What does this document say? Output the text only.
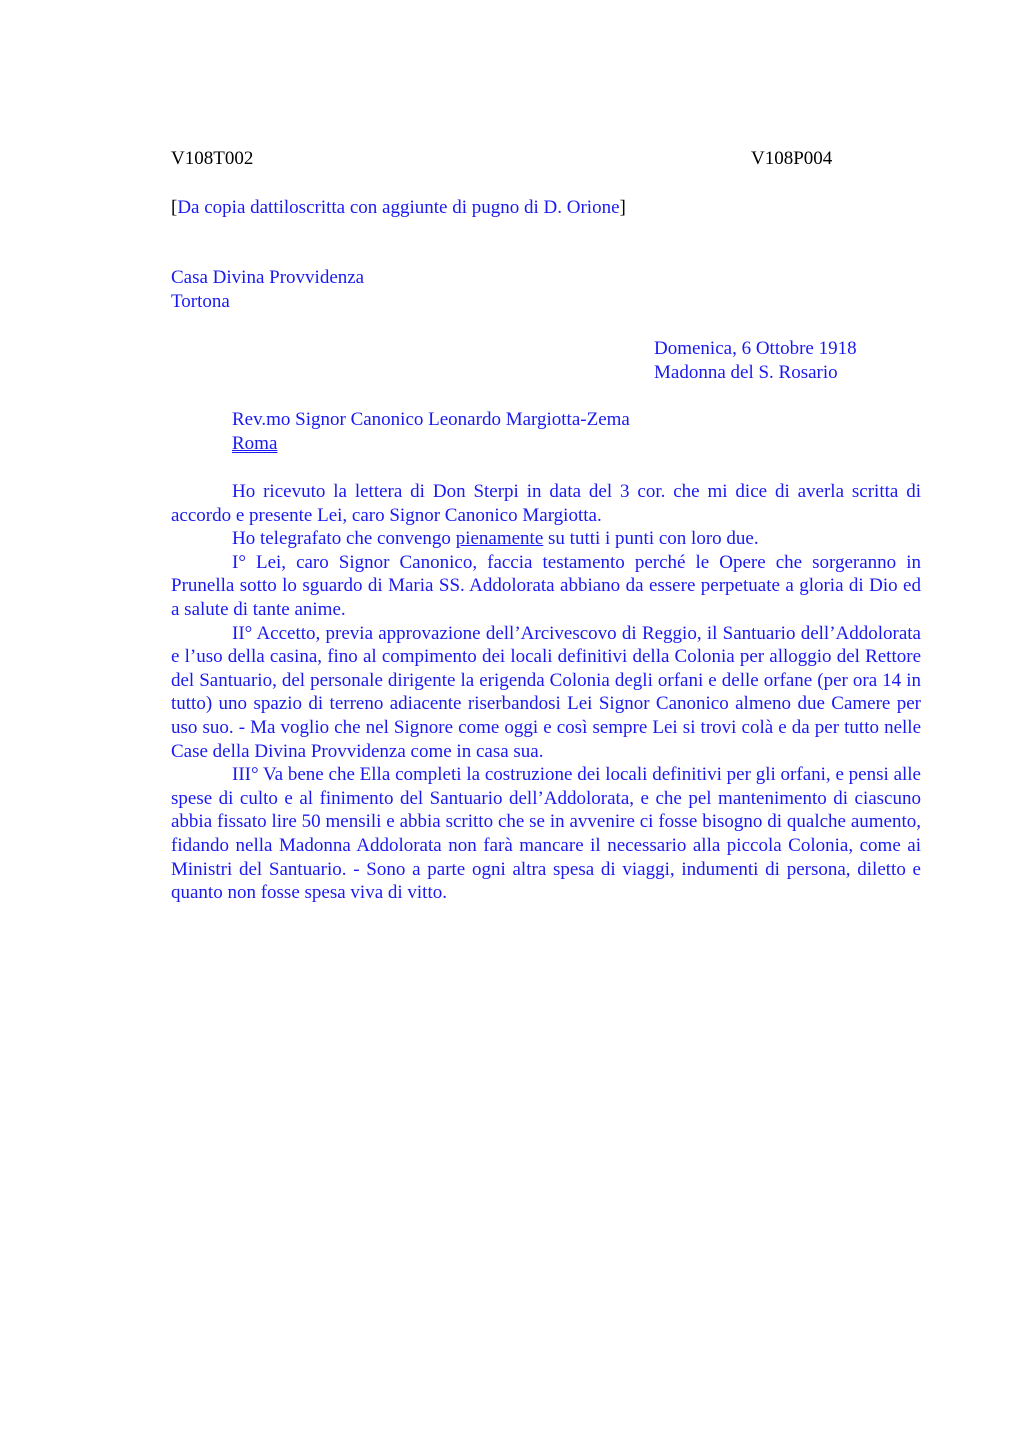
V108T002	V108P004
[Da copia dattiloscritta con aggiunte di pugno di D. Orione]
Casa Divina Provvidenza
Tortona
Domenica, 6 Ottobre 1918
Madonna del S. Rosario
Rev.mo Signor Canonico Leonardo Margiotta-Zema
Roma

Ho ricevuto la lettera di Don Sterpi in data del 3 cor. che mi dice di averla scritta di accordo e presente Lei, caro Signor Canonico Margiotta.

Ho telegrafato che convengo pienamente su tutti i punti con loro due.

I° Lei, caro Signor Canonico, faccia testamento perché le Opere che sorgeranno in Prunella sotto lo sguardo di Maria SS. Addolorata abbiano da essere perpetuate a gloria di Dio ed a salute di tante anime.

II° Accetto, previa approvazione dell’Arcivescovo di Reggio, il Santuario dell’Addolorata e l’uso della casina, fino al compimento dei locali definitivi della Colonia per alloggio del Rettore del Santuario, del personale dirigente la erigenda Colonia degli orfani e delle orfane (per ora 14 in tutto) uno spazio di terreno adiacente riserbandosi Lei Signor Canonico almeno due Camere per uso suo. - Ma voglio che nel Signore come oggi e così sempre Lei si trovi colà e da per tutto nelle Case della Divina Provvidenza come in casa sua.

III° Va bene che Ella completi la costruzione dei locali definitivi per gli orfani, e pensi alle spese di culto e al finimento del Santuario dell’Addolorata, e che pel mantenimento di ciascuno abbia fissato lire 50 mensili e abbia scritto che se in avvenire ci fosse bisogno di qualche aumento, fidando nella Madonna Addolorata non farà mancare il necessario alla piccola Colonia, come ai Ministri del Santuario. - Sono a parte ogni altra spesa di viaggi, indumenti di persona, diletto e quanto non fosse spesa viva di vitto.
